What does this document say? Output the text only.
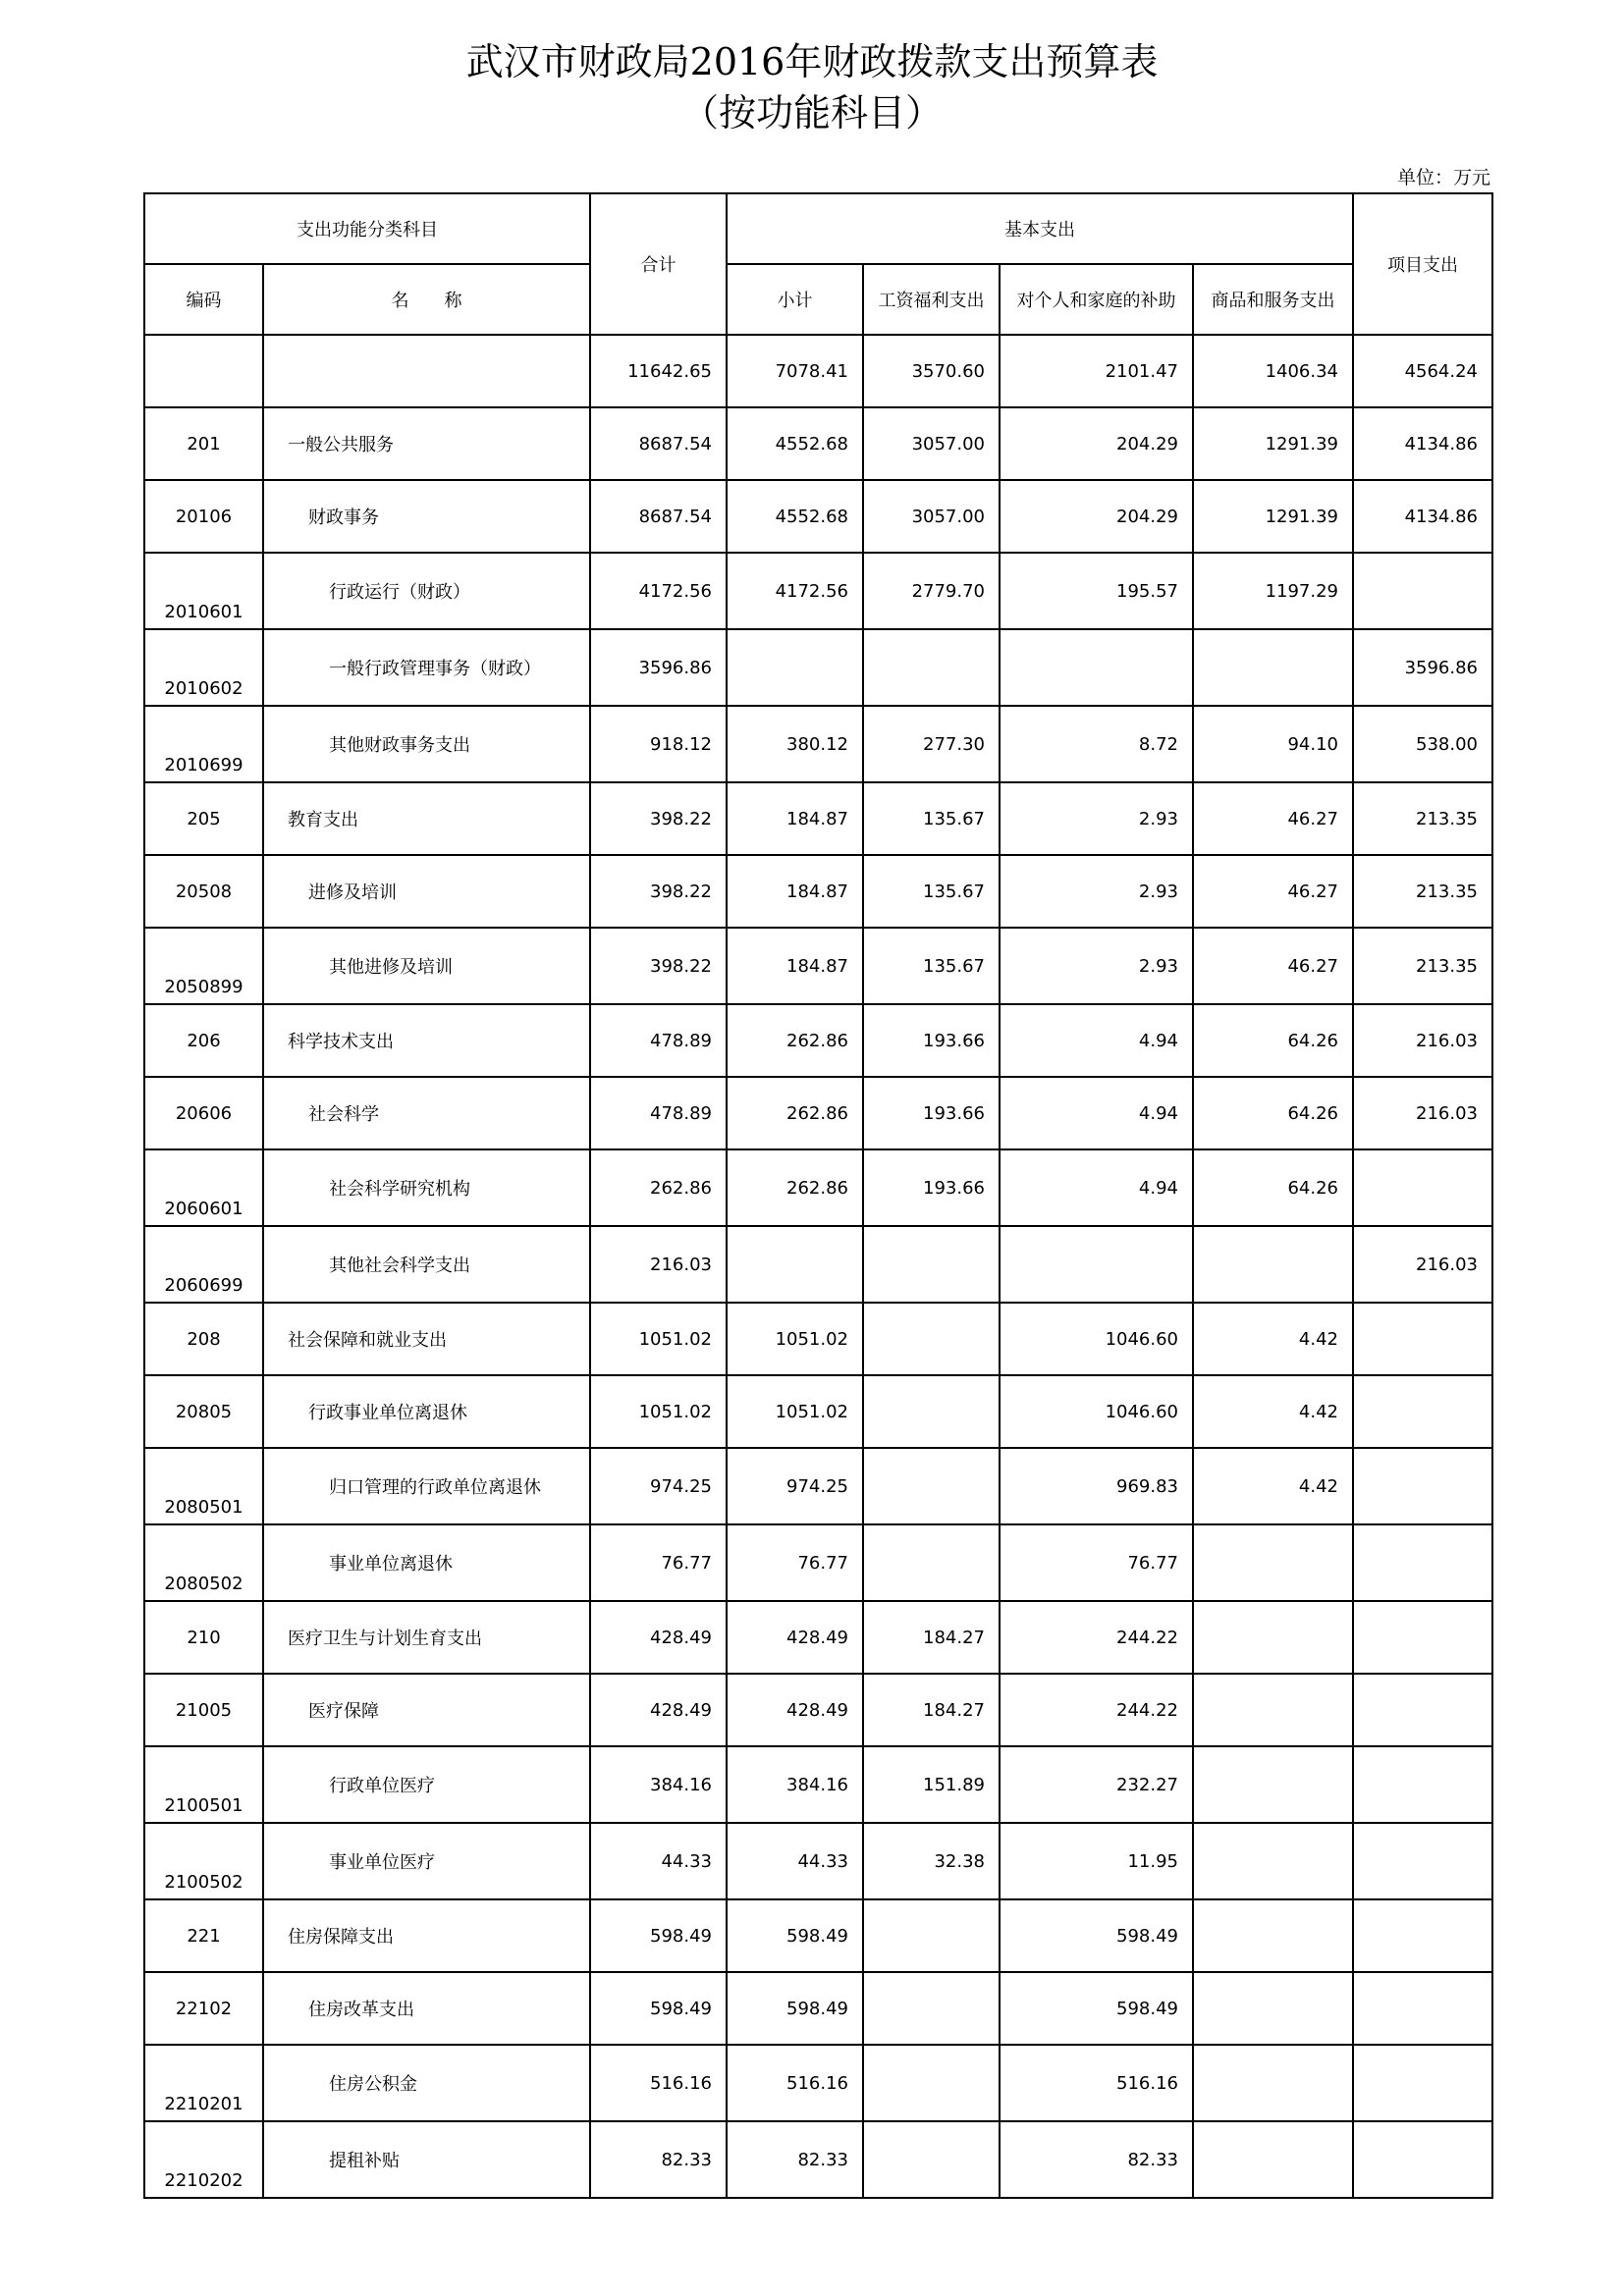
武汉市财政局2016年财政拨款支出预算表
（按功能科目）
单位：万元
支出功能分类科目		合计	基本支出				项目支出
编码	名　　称		小计	工资福利支出	对个人和家庭的补助	商品和服务支出	
		11642.65	7078.41	3570.60	2101.47	1406.34	4564.24
201	一般公共服务	8687.54	4552.68	3057.00	204.29	1291.39	4134.86
20106	财政事务	8687.54	4552.68	3057.00	204.29	1291.39	4134.86
2010601	行政运行（财政）	4172.56	4172.56	2779.70	195.57	1197.29	
2010602	一般行政管理事务（财政）	3596.86					3596.86
2010699	其他财政事务支出	918.12	380.12	277.30	8.72	94.10	538.00
205	教育支出	398.22	184.87	135.67	2.93	46.27	213.35
20508	进修及培训	398.22	184.87	135.67	2.93	46.27	213.35
2050899	其他进修及培训	398.22	184.87	135.67	2.93	46.27	213.35
206	科学技术支出	478.89	262.86	193.66	4.94	64.26	216.03
20606	社会科学	478.89	262.86	193.66	4.94	64.26	216.03
2060601	社会科学研究机构	262.86	262.86	193.66	4.94	64.26	
2060699	其他社会科学支出	216.03					216.03
208	社会保障和就业支出	1051.02	1051.02		1046.60	4.42	
20805	行政事业单位离退休	1051.02	1051.02		1046.60	4.42	
2080501	归口管理的行政单位离退休	974.25	974.25		969.83	4.42	
2080502	事业单位离退休	76.77	76.77		76.77		
210	医疗卫生与计划生育支出	428.49	428.49	184.27	244.22		
21005	医疗保障	428.49	428.49	184.27	244.22		
2100501	行政单位医疗	384.16	384.16	151.89	232.27		
2100502	事业单位医疗	44.33	44.33	32.38	11.95		
221	住房保障支出	598.49	598.49		598.49		
22102	住房改革支出	598.49	598.49		598.49		
2210201	住房公积金	516.16	516.16		516.16		
2210202	提租补贴	82.33	82.33		82.33		
